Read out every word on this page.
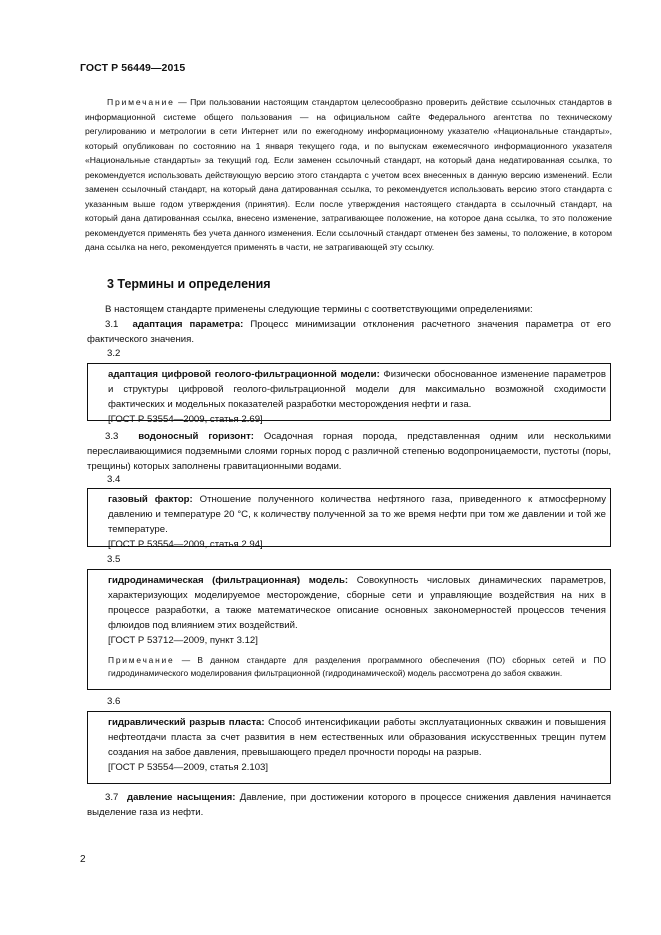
ГОСТ Р 56449—2015
Примечание — При пользовании настоящим стандартом целесообразно проверить действие ссылочных стандартов в информационной системе общего пользования — на официальном сайте Федерального агентства по техническому регулированию и метрологии в сети Интернет или по ежегодному информационному указателю «Национальные стандарты», который опубликован по состоянию на 1 января текущего года, и по выпускам ежемесячного информационного указателя «Национальные стандарты» за текущий год. Если заменен ссылочный стандарт, на который дана недатированная ссылка, то рекомендуется использовать действующую версию этого стандарта с учетом всех внесенных в данную версию изменений. Если заменен ссылочный стандарт, на который дана датированная ссылка, то рекомендуется использовать версию этого стандарта с указанным выше годом утверждения (принятия). Если после утверждения настоящего стандарта в ссылочный стандарт, на который дана датированная ссылка, внесено изменение, затрагивающее положение, на которое дана ссылка, то это положение рекомендуется применять без учета данного изменения. Если ссылочный стандарт отменен без замены, то положение, в котором дана ссылка на него, рекомендуется применять в части, не затрагивающей эту ссылку.
3 Термины и определения
В настоящем стандарте применены следующие термины с соответствующими определениями:
3.1 адаптация параметра: Процесс минимизации отклонения расчетного значения параметра от его фактического значения.
3.2
адаптация цифровой геолого-фильтрационной модели: Физически обоснованное изменение параметров и структуры цифровой геолого-фильтрационной модели для максимально возможной сходимости фактических и модельных показателей разработки месторождения нефти и газа.
[ГОСТ Р 53554—2009, статья 2.69]
3.3 водоносный горизонт: Осадочная горная порода, представленная одним или несколькими переслаивающимися подземными слоями горных пород с различной степенью водопроницаемости, пустоты (поры, трещины) которых заполнены гравитационными водами.
3.4
газовый фактор: Отношение полученного количества нефтяного газа, приведенного к атмосферному давлению и температуре 20 °С, к количеству полученной за то же время нефти при том же давлении и той же температуре.
[ГОСТ Р 53554—2009, статья 2.94]
3.5
гидродинамическая (фильтрационная) модель: Совокупность числовых динамических параметров, характеризующих моделируемое месторождение, сборные сети и управляющие воздействия на них в процессе разработки, а также математическое описание основных закономерностей процессов течения флюидов под влиянием этих воздействий.
[ГОСТ Р 53712—2009, пункт 3.12]
Примечание — В данном стандарте для разделения программного обеспечения (ПО) сборных сетей и ПО гидродинамического моделирования фильтрационной (гидродинамической) модель рассмотрена до забоя скважин.
3.6
гидравлический разрыв пласта: Способ интенсификации работы эксплуатационных скважин и повышения нефтеотдачи пласта за счет развития в нем естественных или образования искусственных трещин путем создания на забое давления, превышающего предел прочности породы на разрыв.
[ГОСТ Р 53554—2009, статья 2.103]
3.7 давление насыщения: Давление, при достижении которого в процессе снижения давления начинается выделение газа из нефти.
2
